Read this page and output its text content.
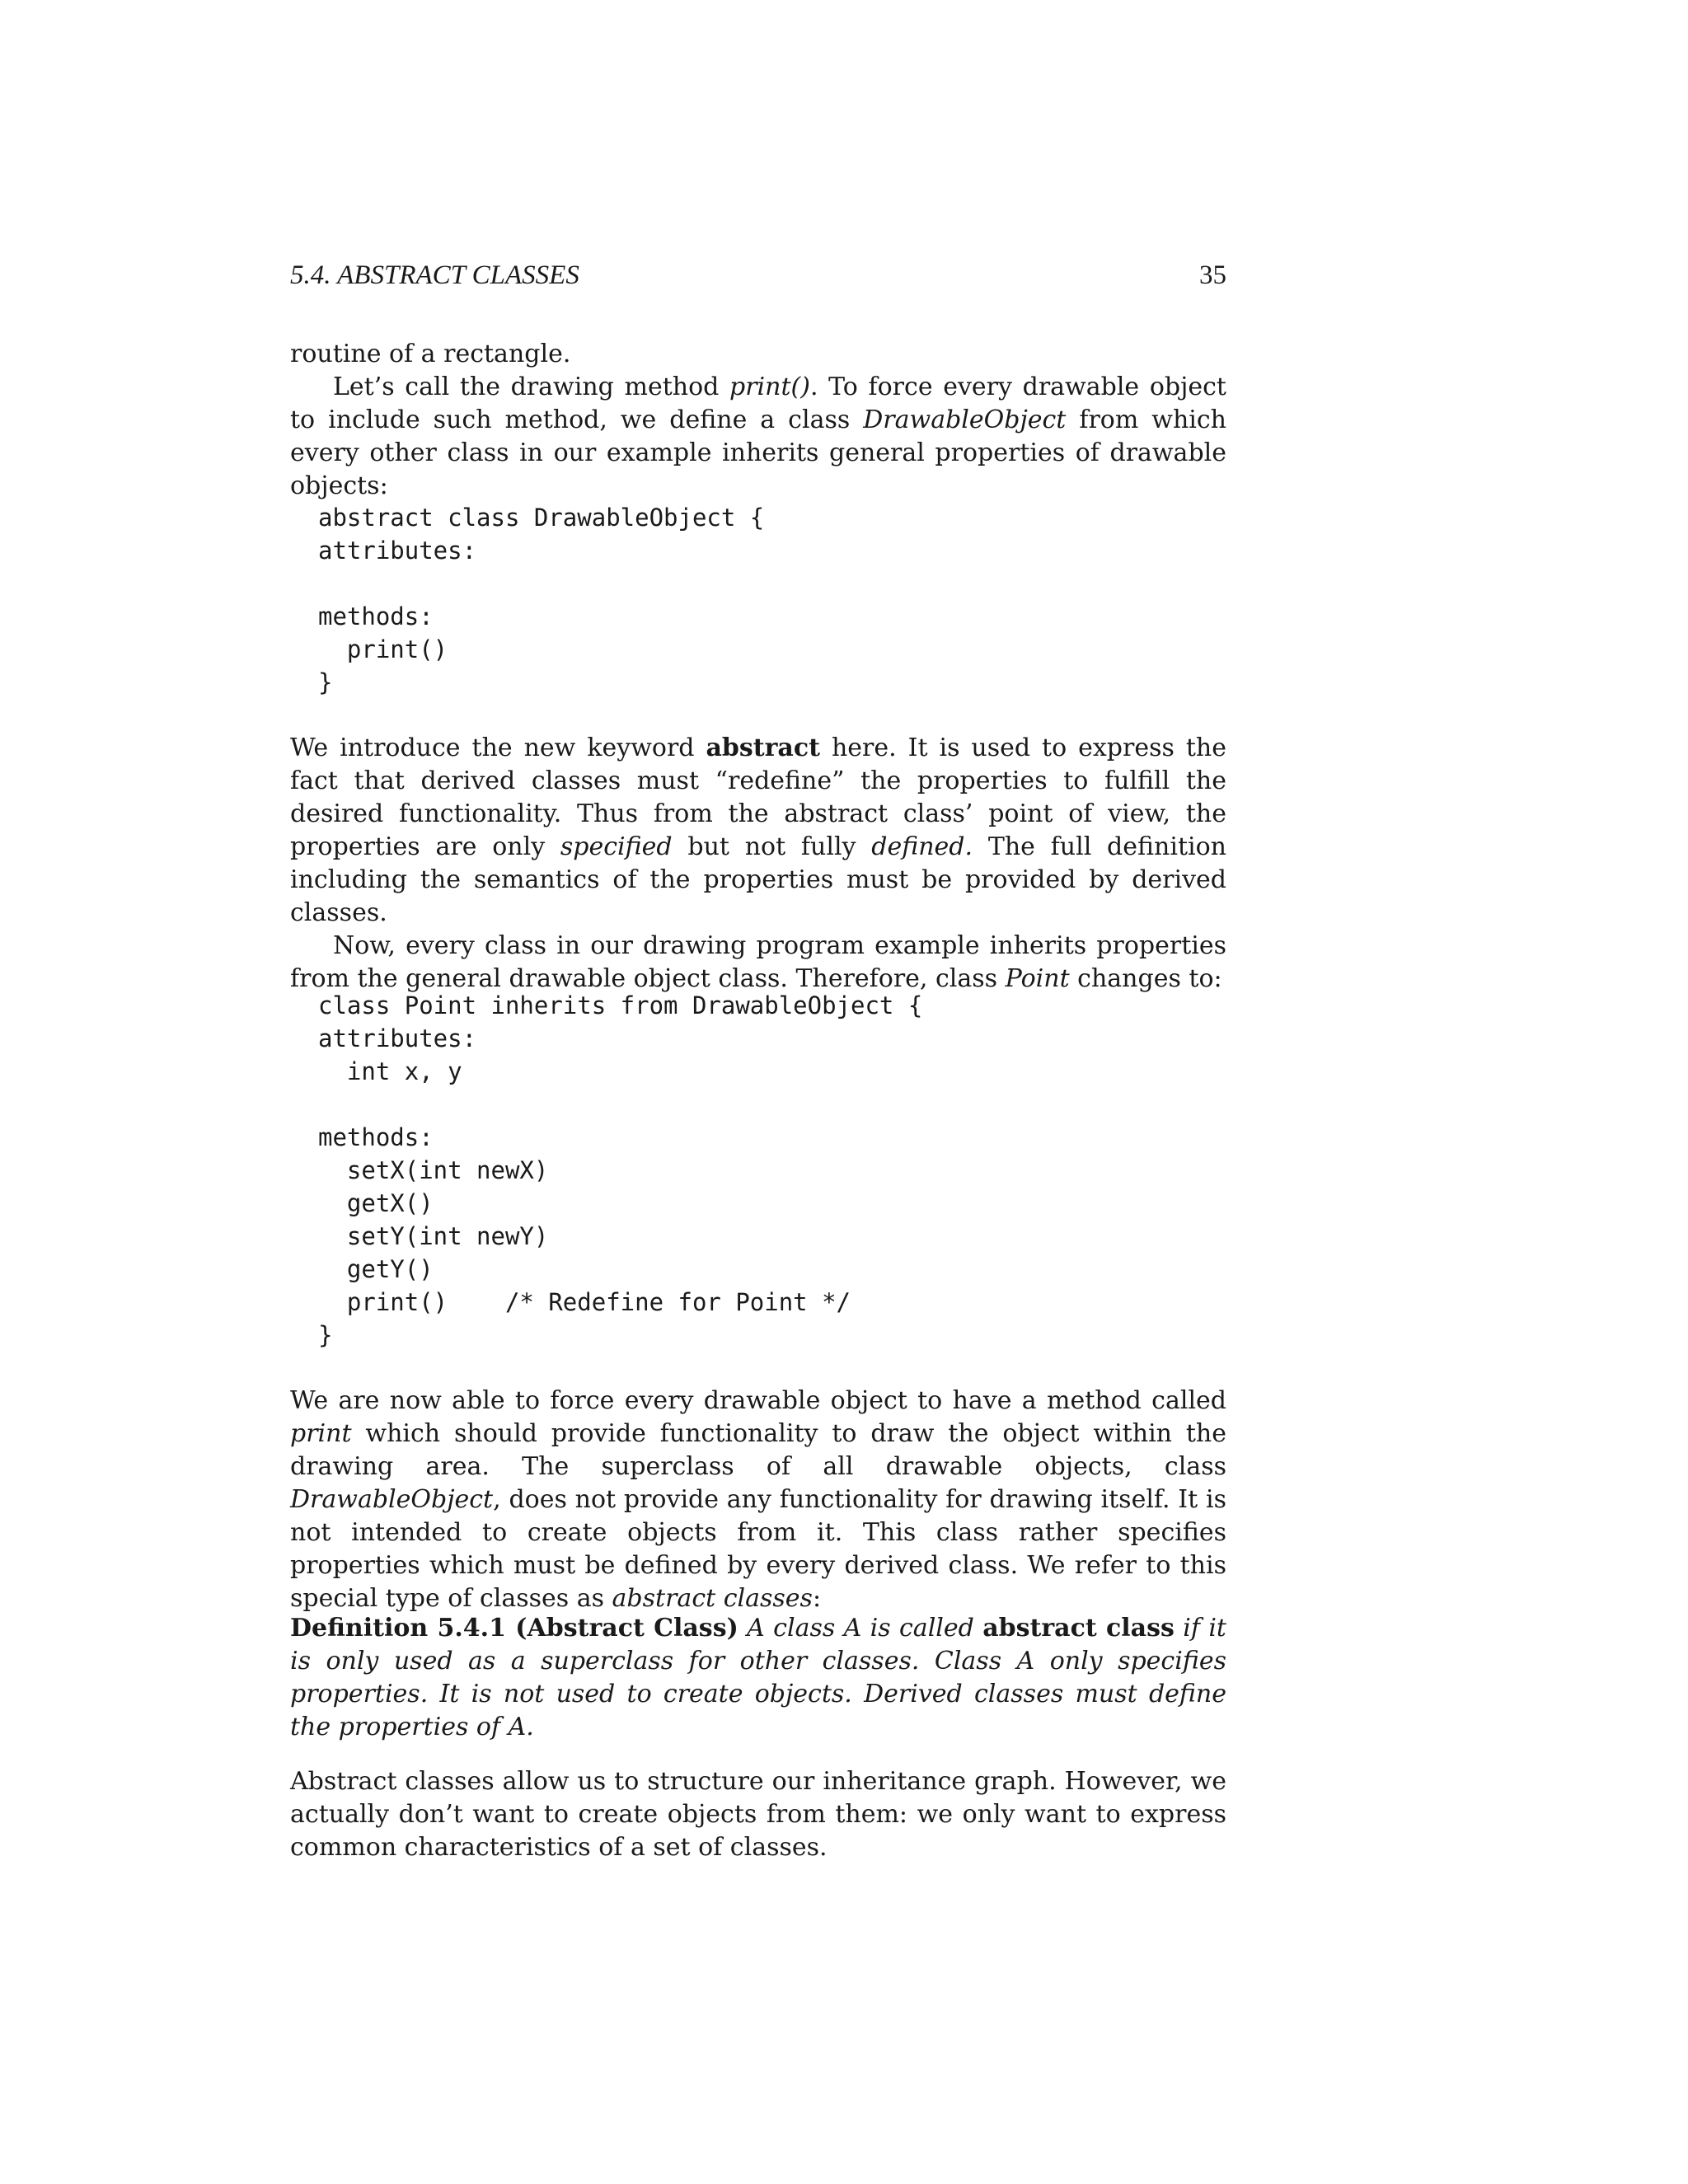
5.4. ABSTRACT CLASSES	35

routine of a rectangle.

Let’s call the drawing method print(). To force every drawable object to include such method, we define a class DrawableObject from which every other class in our example inherits general properties of drawable objects:

abstract class DrawableObject {
attributes:

methods:
print()
}

We introduce the new keyword abstract here. It is used to express the fact that derived classes must “redefine” the properties to fulfill the desired functionality. Thus from the abstract class’ point of view, the properties are only specified but not fully defined. The full definition including the semantics of the properties must be provided by derived classes.

Now, every class in our drawing program example inherits properties from the general drawable object class. Therefore, class Point changes to:

class Point inherits from DrawableObject {
attributes:
int x, y

methods:
setX(int newX)
getX()
setY(int newY)
getY()
print()    /* Redefine for Point */
}

We are now able to force every drawable object to have a method called print which should provide functionality to draw the object within the drawing area. The superclass of all drawable objects, class DrawableObject, does not provide any functionality for drawing itself. It is not intended to create objects from it. This class rather specifies properties which must be defined by every derived class. We refer to this special type of classes as abstract classes:

Definition 5.4.1 (Abstract Class) A class A is called abstract class if it is only used as a superclass for other classes. Class A only specifies properties. It is not used to create objects. Derived classes must define the properties of A.

Abstract classes allow us to structure our inheritance graph. However, we actually don’t want to create objects from them: we only want to express common characteristics of a set of classes.
